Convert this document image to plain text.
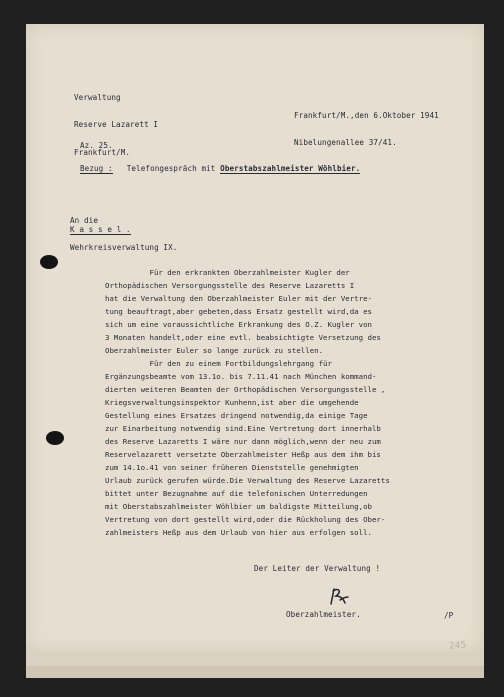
Verwaltung

Reserve Lazarett I

Frankfurt/M.

Frankfurt/M.,den 6.Oktober 1941

Nibelungenallee 37/41.

Az. 25.
Bezug : Telefongespräch mit Oberstabszahlmeister Wöhlbier.

An die

Wehrkreisverwaltung IX.

K a s s e l .
Für den erkrankten Oberzahlmeister Kugler der
Orthopädischen Versorgungsstelle des Reserve Lazaretts I
hat die Verwaltung den Oberzahlmeister Euler mit der Vertre-
tung beauftragt,aber gebeten,dass Ersatz gestellt wird,da es
sich um eine voraussichtliche Erkrankung des O.Z. Kugler von
3 Monaten handelt,oder eine evtl. beabsichtigte Versetzung des
Oberzahlmeister Euler so lange zurück zu stellen.
Für den zu einem Fortbildungslehrgang für
Ergänzungsbeamte vom 13.1o. bis 7.11.41 nach München kommand-
dierten weiteren Beamten der Orthopädischen Versorgungsstelle ,
Kriegsverwaltungsinspektor Kunhenn,ist aber die umgehende
Gestellung eines Ersatzes dringend notwendig,da einige Tage
zur Einarbeitung notwendig sind.Eine Vertretung dort innerhalb
des Reserve Lazaretts I wäre nur dann möglich,wenn der neu zum
Reservelazarett versetzte Oberzahlmeister Heßp aus dem ihm bis
zum 14.1o.41 von seiner früheren Dienststelle genehmigten
Urlaub zurück gerufen würde.Die Verwaltung des Reserve Lazaretts
bittet unter Bezugnahme auf die telefonischen Unterredungen
mit Oberstabszahlmeister Wöhlbier um baldigste Mitteilung,ob
Vertretung von dort gestellt wird,oder die Rückholung des Ober-
zahlmeisters Heßp aus dem Urlaub von hier aus erfolgen soll.
Der Leiter der Verwaltung !
Oberzahlmeister.	/P
245
